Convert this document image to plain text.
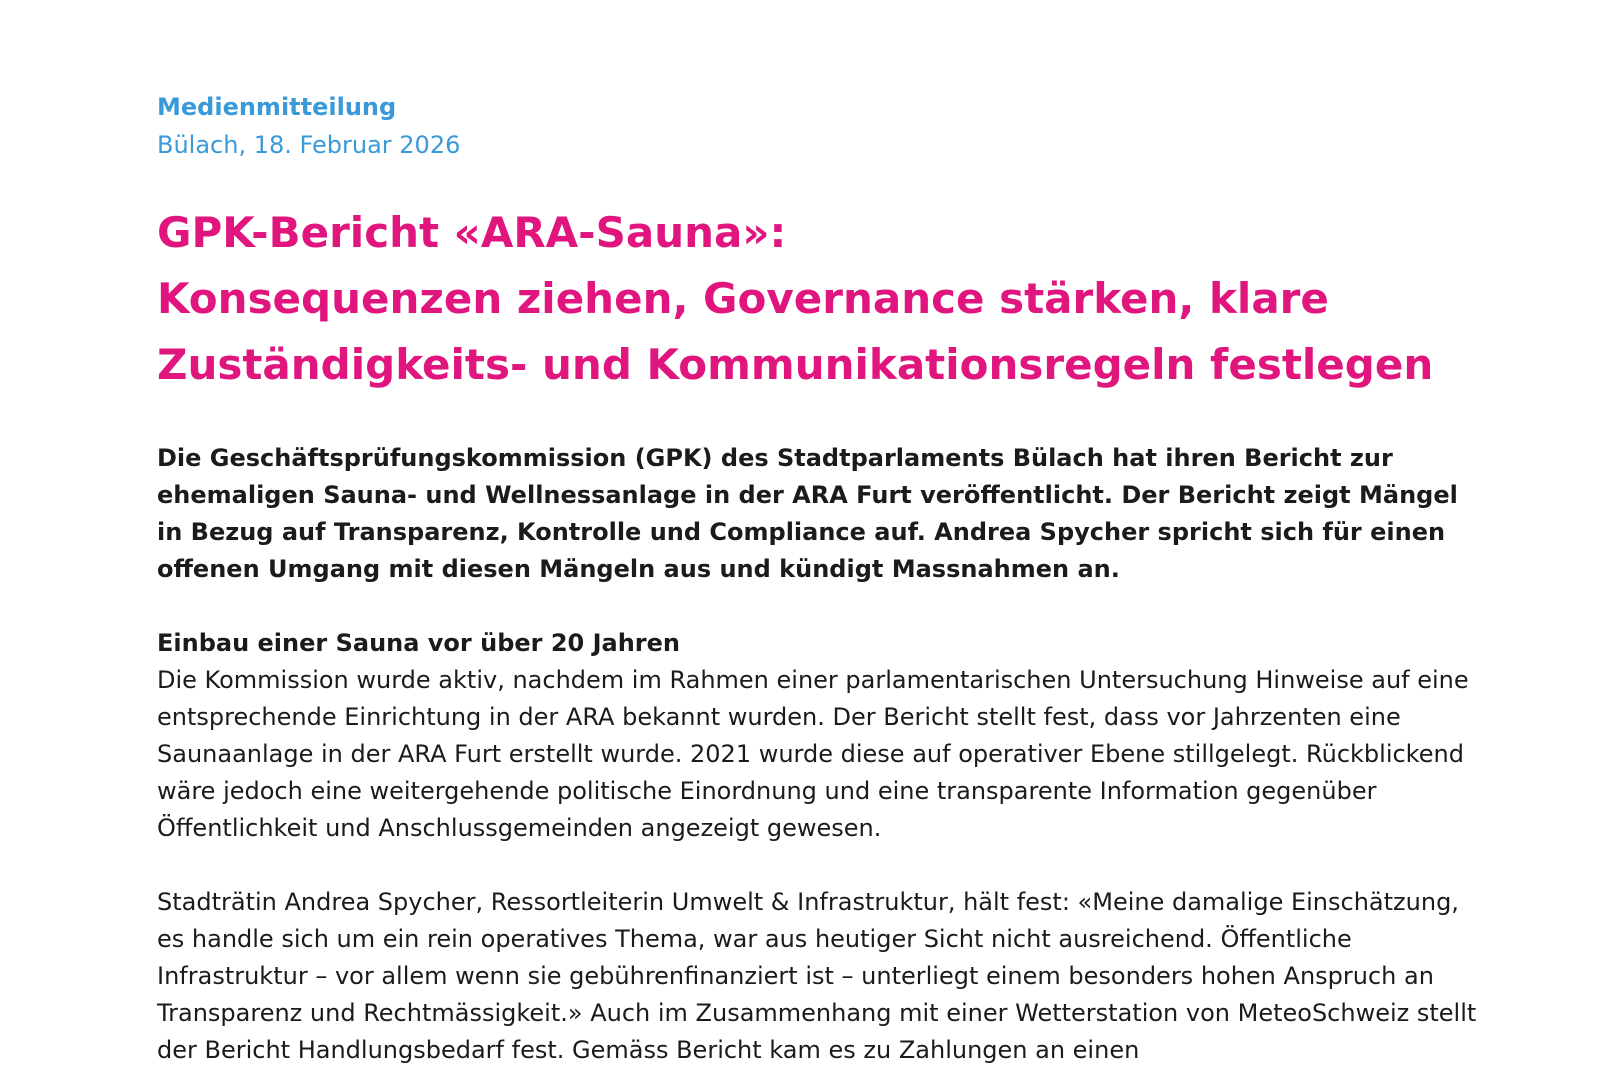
Medienmitteilung

Bülach, 18. Februar 2026

GPK-Bericht «ARA-Sauna»:
Konsequenzen ziehen, Governance stärken, klare
Zuständigkeits- und Kommunikationsregeln festlegen

Die Geschäftsprüfungskommission (GPK) des Stadtparlaments Bülach hat ihren Bericht zur ehemaligen Sauna- und Wellnessanlage in der ARA Furt veröffentlicht. Der Bericht zeigt Mängel in Bezug auf Transparenz, Kontrolle und Compliance auf. Andrea Spycher spricht sich für einen offenen Umgang mit diesen Mängeln aus und kündigt Massnahmen an.

Einbau einer Sauna vor über 20 Jahren

Die Kommission wurde aktiv, nachdem im Rahmen einer parlamentarischen Untersuchung Hinweise auf eine entsprechende Einrichtung in der ARA bekannt wurden. Der Bericht stellt fest, dass vor Jahrzenten eine Saunaanlage in der ARA Furt erstellt wurde. 2021 wurde diese auf operativer Ebene stillgelegt. Rückblickend wäre jedoch eine weitergehende politische Einordnung und eine transparente Information gegenüber Öffentlichkeit und Anschlussgemeinden angezeigt gewesen.

Stadträtin Andrea Spycher, Ressortleiterin Umwelt & Infrastruktur, hält fest: «Meine damalige Einschätzung, es handle sich um ein rein operatives Thema, war aus heutiger Sicht nicht ausreichend. Öffentliche Infrastruktur – vor allem wenn sie gebührenfinanziert ist – unterliegt einem besonders hohen Anspruch an Transparenz und Rechtmässigkeit.» Auch im Zusammenhang mit einer Wetterstation von MeteoSchweiz stellt der Bericht Handlungsbedarf fest. Gemäss Bericht kam es zu Zahlungen an einen
